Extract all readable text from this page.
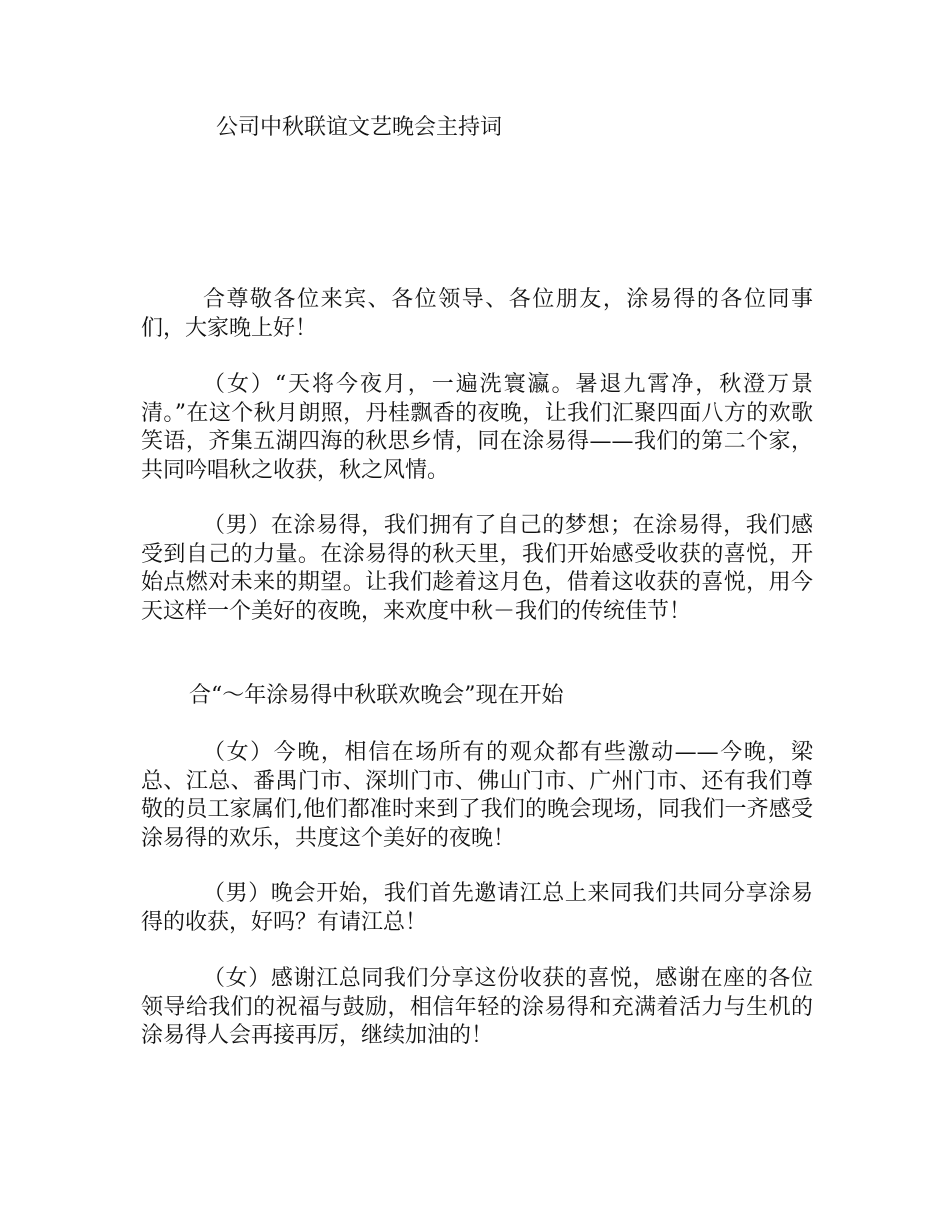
公司中秋联谊文艺晚会主持词

合尊敬各位来宾、各位领导、各位朋友，涂易得的各位同事们，大家晚上好！

（女）“天将今夜月，一遍洗寰瀛。暑退九霄净，秋澄万景清。”在这个秋月朗照，丹桂飘香的夜晚，让我们汇聚四面八方的欢歌笑语，齐集五湖四海的秋思乡情，同在涂易得——我们的第二个家，共同吟唱秋之收获，秋之风情。

（男）在涂易得，我们拥有了自己的梦想；在涂易得，我们感受到自己的力量。在涂易得的秋天里，我们开始感受收获的喜悦，开始点燃对未来的期望。让我们趁着这月色，借着这收获的喜悦，用今天这样一个美好的夜晚，来欢度中秋－我们的传统佳节！

合“～年涂易得中秋联欢晚会”现在开始

（女）今晚，相信在场所有的观众都有些激动——今晚，梁总、江总、番禺门市、深圳门市、佛山门市、广州门市、还有我们尊敬的员工家属们,他们都准时来到了我们的晚会现场，同我们一齐感受涂易得的欢乐，共度这个美好的夜晚！

（男）晚会开始，我们首先邀请江总上来同我们共同分享涂易得的收获，好吗？有请江总！

（女）感谢江总同我们分享这份收获的喜悦，感谢在座的各位领导给我们的祝福与鼓励，相信年轻的涂易得和充满着活力与生机的涂易得人会再接再厉，继续加油的！
